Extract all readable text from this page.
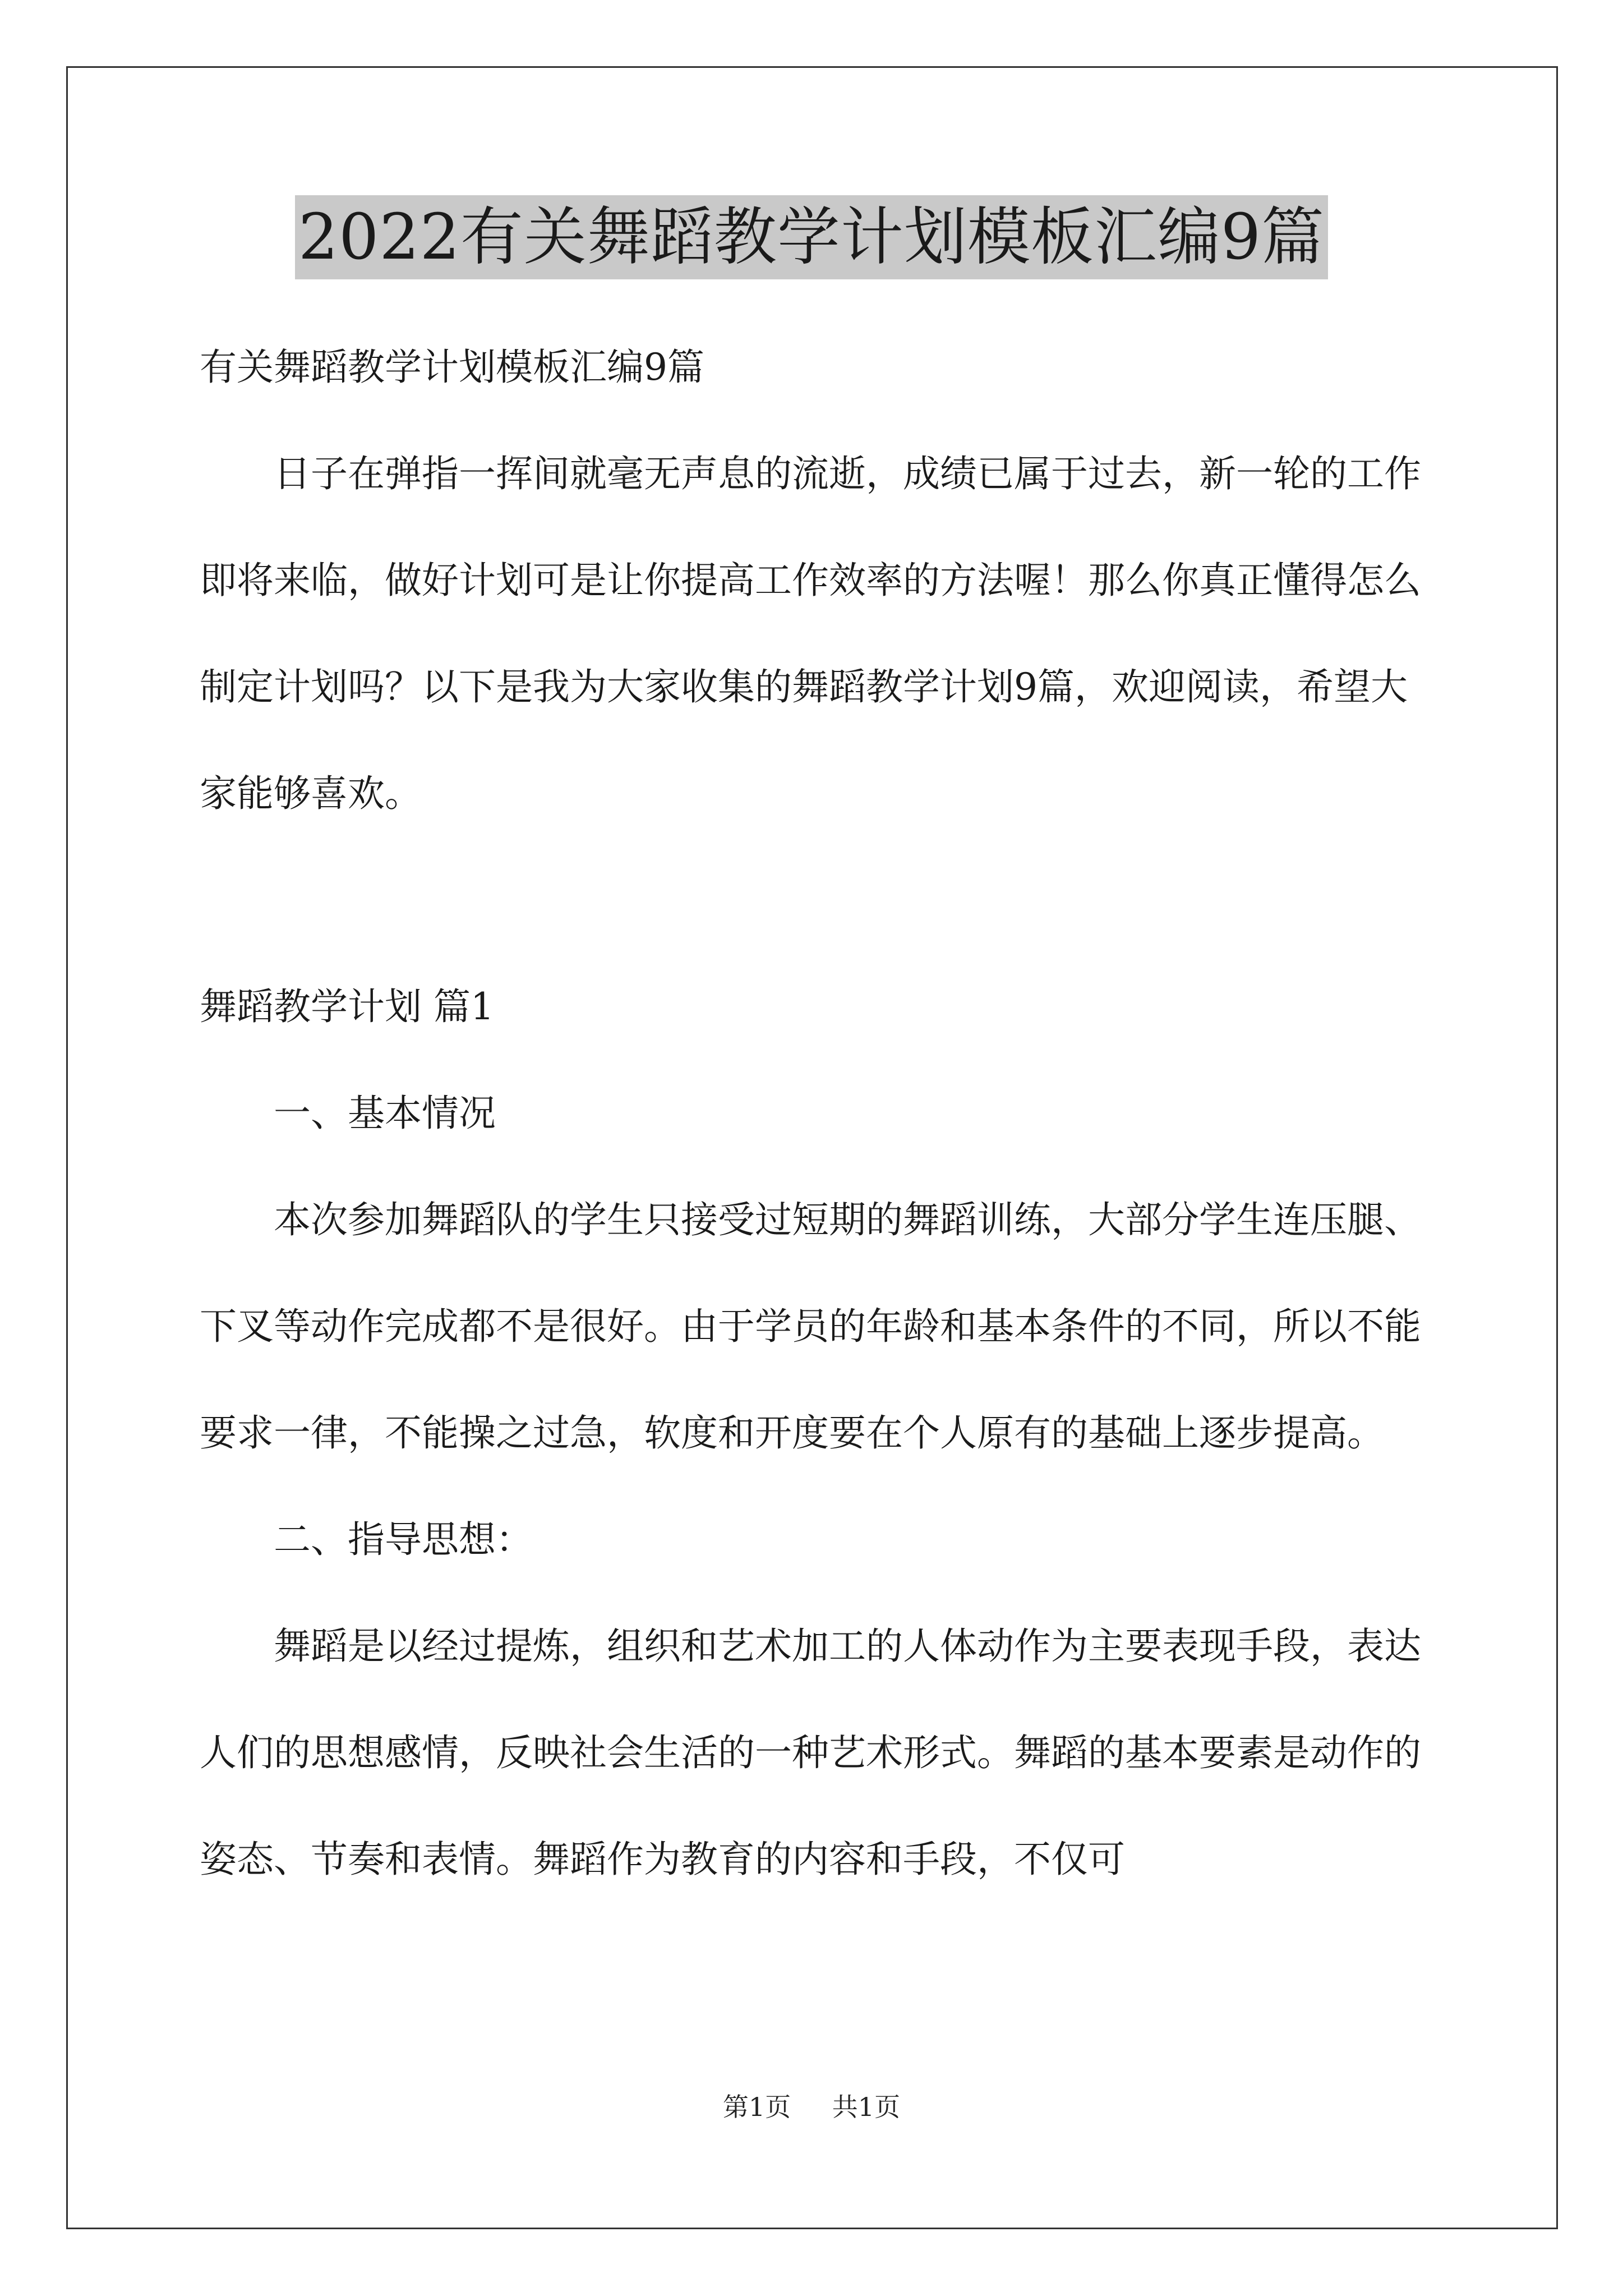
2022有关舞蹈教学计划模板汇编9篇

有关舞蹈教学计划模板汇编9篇

日子在弹指一挥间就毫无声息的流逝，成绩已属于过去，新一轮的工作即将来临，做好计划可是让你提高工作效率的方法喔！那么你真正懂得怎么制定计划吗？以下是我为大家收集的舞蹈教学计划9篇，欢迎阅读，希望大家能够喜欢。

舞蹈教学计划 篇1

一、基本情况

本次参加舞蹈队的学生只接受过短期的舞蹈训练，大部分学生连压腿、下叉等动作完成都不是很好。由于学员的年龄和基本条件的不同，所以不能要求一律，不能操之过急，软度和开度要在个人原有的基础上逐步提高。

二、指导思想：

舞蹈是以经过提炼，组织和艺术加工的人体动作为主要表现手段，表达人们的思想感情，反映社会生活的一种艺术形式。舞蹈的基本要素是动作的姿态、节奏和表情。舞蹈作为教育的内容和手段，不仅可

第1页 共1页
